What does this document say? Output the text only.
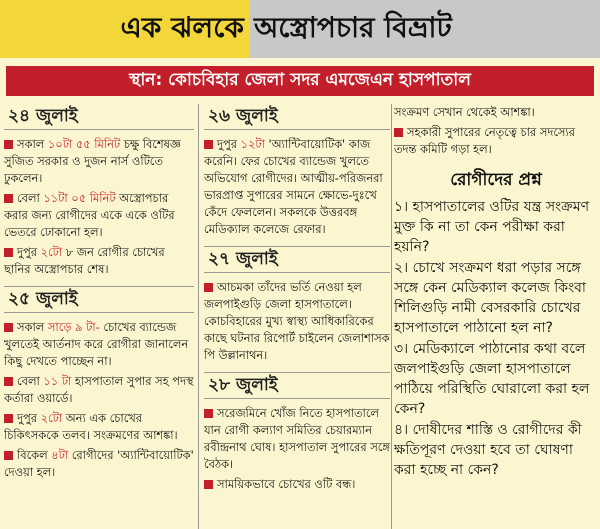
এক ঝলকে অস্ত্রোপচার বিভ্রাট
স্থান: কোচবিহার জেলা সদর এমজেএন হাসপাতাল
২৪ জুলাই
সকাল ১০টা ৫৫ মিনিট চক্ষু বিশেষজ্ঞ সুজিত সরকার ও দুজন নার্স ওটিতে ঢুকলেন।
বেলা ১১টা ০৫ মিনিট অস্ত্রোপচার করার জন্য রোগীদের একে একে ওটির ভেতরে ঢোকানো হল।
দুপুর ২টো ৮ জন রোগীর চোখের ছানির অস্ত্রোপচার শেষ।
২৫ জুলাই
সকাল সাড়ে ৯ টা- চোখের ব্যান্ডেজ খুলতেই আর্তনাদ করে রোগীরা জানালেন কিছু দেখতে পাচ্ছেন না।
বেলা ১১ টা হাসপাতাল সুপার সহ পদস্থ কর্তারা ওয়ার্ডে।
দুপুর ২টো অন্য এক চোখের চিকিৎসককে তলব। সংক্রমণের আশঙ্কা।
বিকেল ৪টা রোগীদের 'অ্যান্টিবায়োটিক' দেওয়া হল।
২৬ জুলাই
দুপুর ১২টা 'অ্যান্টিবায়োটিক' কাজ করেনি। ফের চোখের ব্যান্ডেজ খুলতে অভিযোগ রোগীদের। আত্মীয়-পরিজনরা ভারপ্রাপ্ত সুপারের সামনে ক্ষোভে-দুঃখে কেঁদে ফেললেন। সকলকে উত্তরবঙ্গ মেডিক্যাল কলেজে রেফার।
২৭ জুলাই
আচমকা তাঁদের ভর্তি নেওয়া হল জলপাইগুড়ি জেলা হাসপাতালে। কোচবিহারের মুখ্য স্বাস্থ্য আধিকারিকের কাছে ঘটনার রিপোর্ট চাইলেন জেলাশাসক পি উল্লানাথন।
২৮ জুলাই
সরেজমিনে খোঁজ নিতে হাসপাতালে যান রোগী কল্যাণ সমিতির চেয়ারম্যান রবীন্দ্রনাথ ঘোষ। হাসপাতাল সুপারের সঙ্গে বৈঠক।
সাময়িকভাবে চোখের ওটি বন্ধ।
সংক্রমণ সেখান থেকেই আশঙ্কা।
সহকারী সুপারের নেতৃত্বে চার সদস্যের তদন্ত কমিটি গড়া হল।
রোগীদের প্রশ্ন
১। হাসপাতালের ওটির যন্ত্র সংক্রমণ মুক্ত কি না তা কেন পরীক্ষা করা হয়নি?
২। চোখে সংক্রমণ ধরা পড়ার সঙ্গে সঙ্গে কেন মেডিক্যাল কলেজ কিংবা শিলিগুড়ি নামী বেসরকারি চোখের হাসপাতালে পাঠানো হল না?
৩। মেডিক্যালে পাঠানোর কথা বলে জলপাইগুড়ি জেলা হাসপাতালে পাঠিয়ে পরিস্থিতি ঘোরালো করা হল কেন?
৪। দোষীদের শাস্তি ও রোগীদের কী ক্ষতিপূরণ দেওয়া হবে তা ঘোষণা করা হচ্ছে না কেন?
